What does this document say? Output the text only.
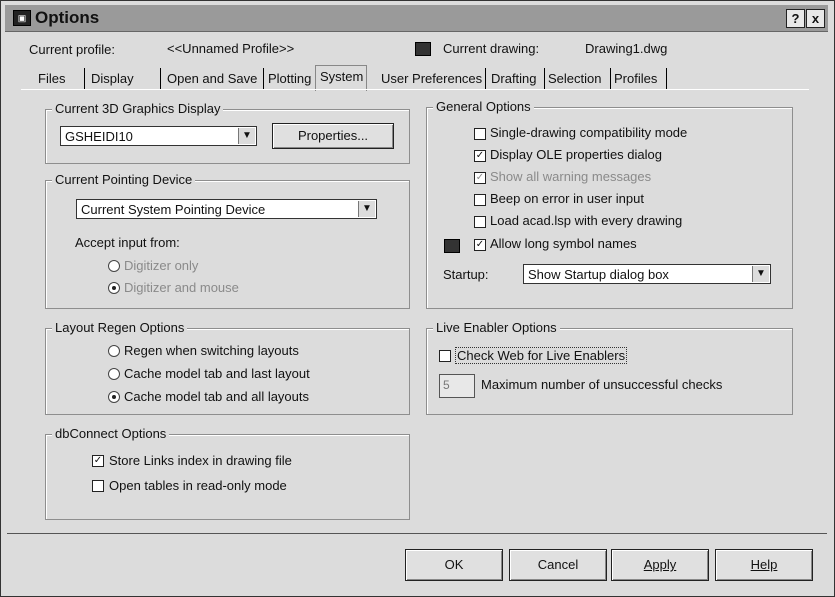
▣ Options	? x
Current profile:	<<Unnamed Profile>>	Current drawing:	Drawing1.dwg
Files	Display	Open and Save Plotting System User Preferences Drafting Selection Profiles
Current 3D Graphics Display
GSHEIDI10	▼	Properties...
Current Pointing Device
Current System Pointing Device	▼
Accept input from:
Digitizer only
Digitizer and mouse
Layout Regen Options
Regen when switching layouts
Cache model tab and last layout
Cache model tab and all layouts
dbConnect Options
✓ Store Links index in drawing file
Open tables in read-only mode
General Options
Single-drawing compatibility mode
✓ Display OLE properties dialog
✓ Show all warning messages
Beep on error in user input
Load acad.lsp with every drawing
✓ Allow long symbol names
Startup:	Show Startup dialog box	▼
Live Enabler Options
Check Web for Live Enablers
5 Maximum number of unsuccessful checks
OK	Cancel	Apply	Help
